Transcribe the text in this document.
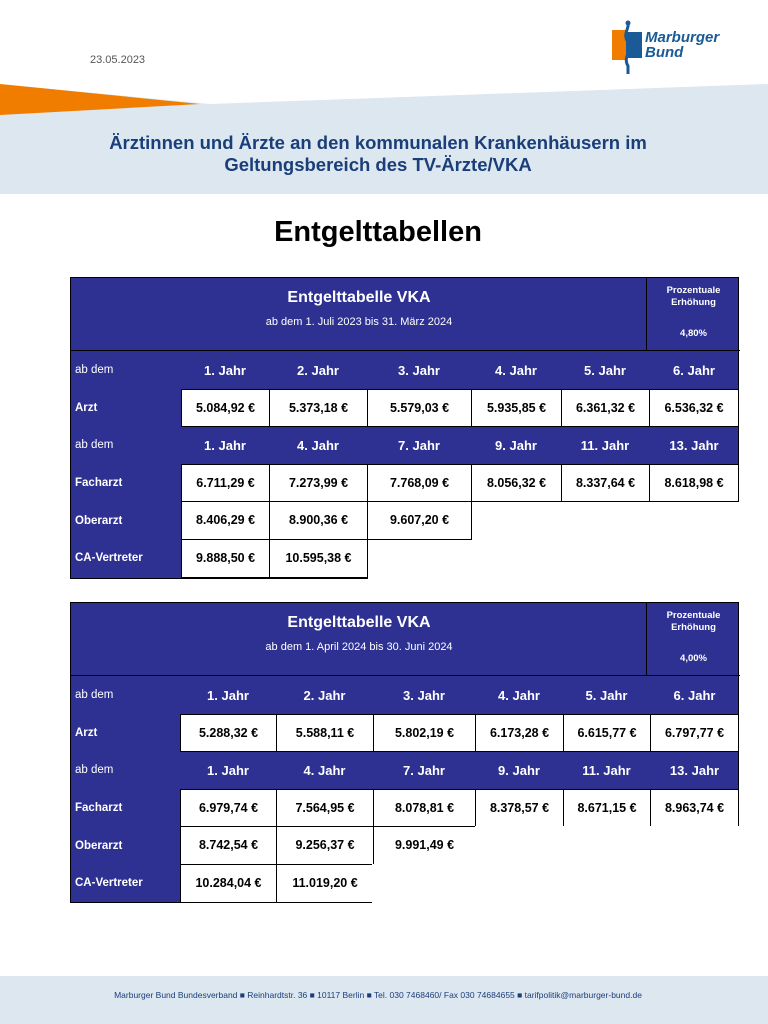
23.05.2023
Marburger
Bund
Ärztinnen und Ärzte an den kommunalen Krankenhäusern im
Geltungsbereich des TV-Ärzte/VKA
Entgelttabellen
Entgelttabelle VKA
ab dem 1. Juli 2023 bis 31. März 2024
Prozentuale Erhöhung
4,80%
ab dem	1. Jahr	2. Jahr	3. Jahr	4. Jahr	5. Jahr	6. Jahr
Arzt	5.084,92 €	5.373,18 €	5.579,03 €	5.935,85 €	6.361,32 €	6.536,32 €
ab dem	1. Jahr	4. Jahr	7. Jahr	9. Jahr	11. Jahr	13. Jahr
Facharzt	6.711,29 €	7.273,99 €	7.768,09 €	8.056,32 €	8.337,64 €	8.618,98 €
Oberarzt	8.406,29 €	8.900,36 €	9.607,20 €
CA-Vertreter	9.888,50 €	10.595,38 €
Entgelttabelle VKA
ab dem 1. April 2024 bis 30. Juni 2024
Prozentuale Erhöhung
4,00%
ab dem	1. Jahr	2. Jahr	3. Jahr	4. Jahr	5. Jahr	6. Jahr
Arzt	5.288,32 €	5.588,11 €	5.802,19 €	6.173,28 €	6.615,77 €	6.797,77 €
ab dem	1. Jahr	4. Jahr	7. Jahr	9. Jahr	11. Jahr	13. Jahr
Facharzt	6.979,74 €	7.564,95 €	8.078,81 €	8.378,57 €	8.671,15 €	8.963,74 €
Oberarzt	8.742,54 €	9.256,37 €	9.991,49 €
CA-Vertreter	10.284,04 €	11.019,20 €
Marburger Bund Bundesverband ■ Reinhardtstr. 36 ■ 10117 Berlin ■ Tel. 030 7468460/ Fax 030 74684655 ■ tarifpolitik@marburger-bund.de
